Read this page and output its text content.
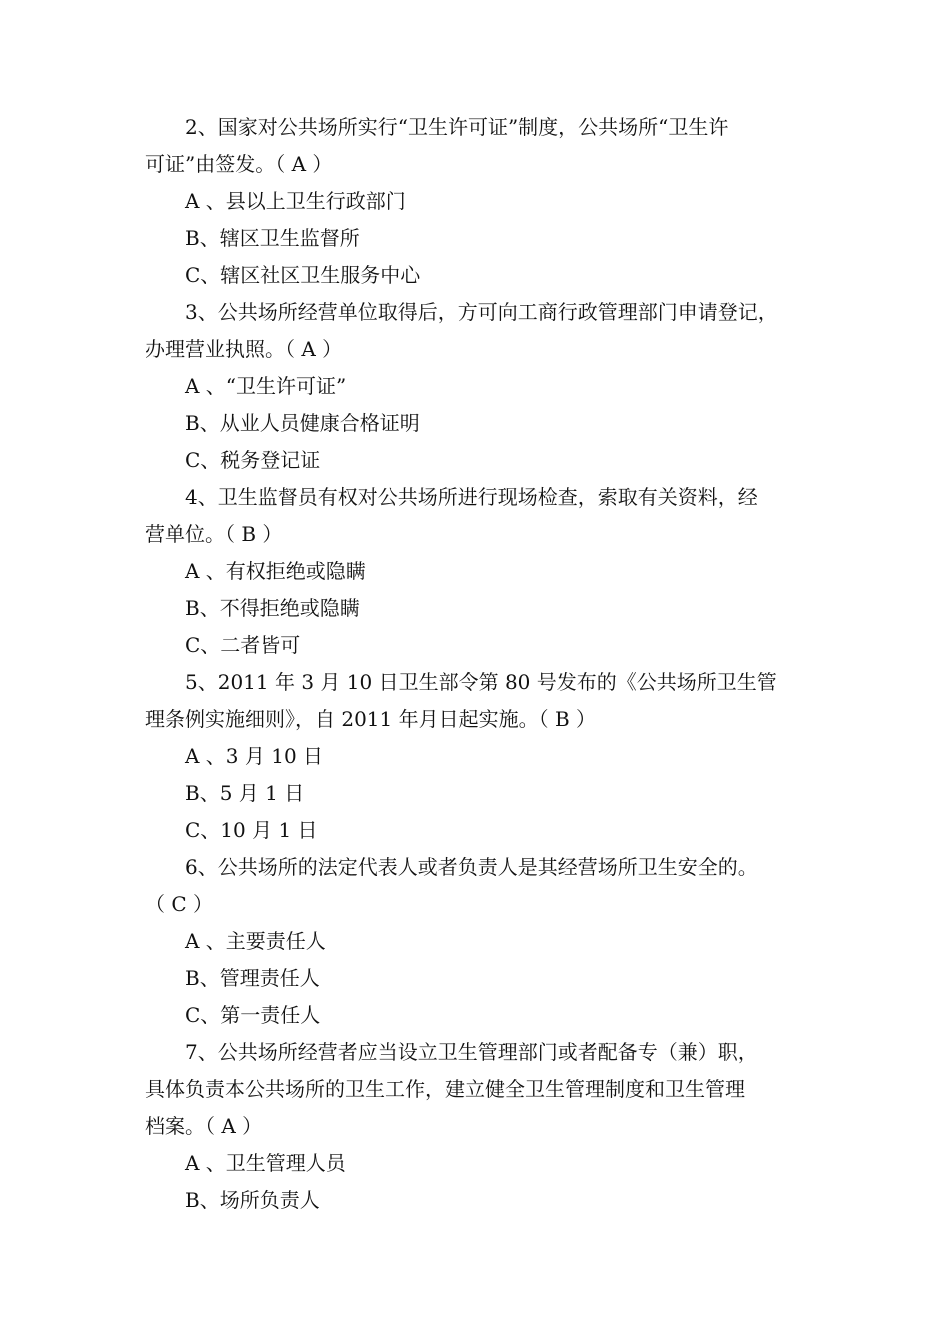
2、国家对公共场所实行“卫生许可证”制度，公共场所“卫生许
可证”由签发。（ A ）
A 、县以上卫生行政部门
B、辖区卫生监督所
C、辖区社区卫生服务中心
3、公共场所经营单位取得后，方可向工商行政管理部门申请登记，
办理营业执照。（ A ）
A 、“卫生许可证”
B、从业人员健康合格证明
C、税务登记证
4、卫生监督员有权对公共场所进行现场检查，索取有关资料，经
营单位。（ B ）
A 、有权拒绝或隐瞒
B、不得拒绝或隐瞒
C、二者皆可
5、2011 年 3 月 10 日卫生部令第 80 号发布的《公共场所卫生管
理条例实施细则》，自 2011 年月日起实施。（ B ）
A 、3 月 10 日
B、5 月 1 日
C、10 月 1 日
6、公共场所的法定代表人或者负责人是其经营场所卫生安全的。
（ C ）
A 、主要责任人
B、管理责任人
C、第一责任人
7、公共场所经营者应当设立卫生管理部门或者配备专（兼）职，
具体负责本公共场所的卫生工作，建立健全卫生管理制度和卫生管理
档案。（ A ）
A 、卫生管理人员
B、场所负责人
